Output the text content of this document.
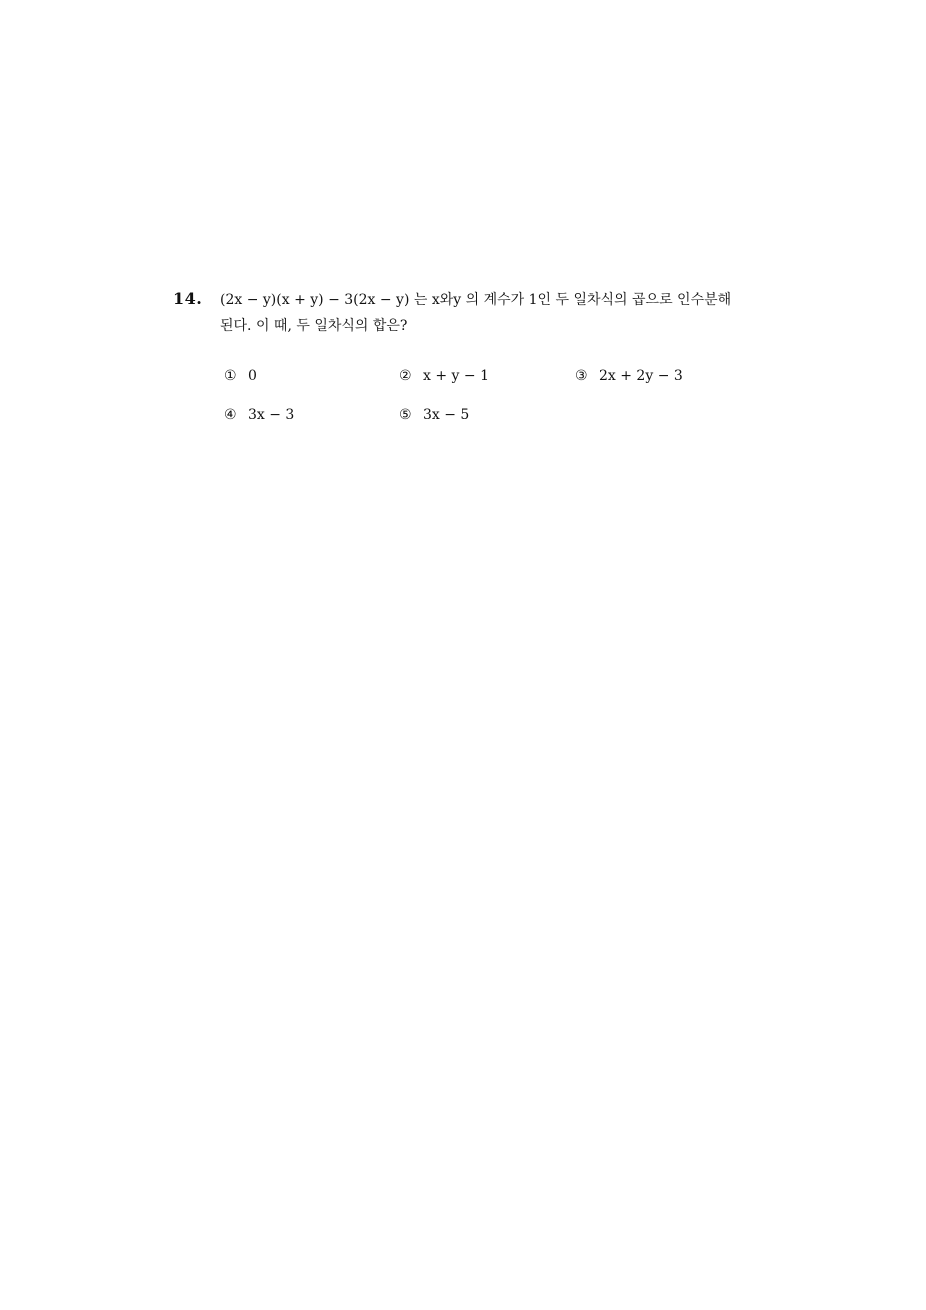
14. (2x − y)(x + y) − 3(2x − y) 는 x와y 의 계수가 1인 두 일차식의 곱으로 인수분해
된다. 이 때, 두 일차식의 합은?
① 0	② x + y − 1	③ 2x + 2y − 3
④ 3x − 3	⑤ 3x − 5
